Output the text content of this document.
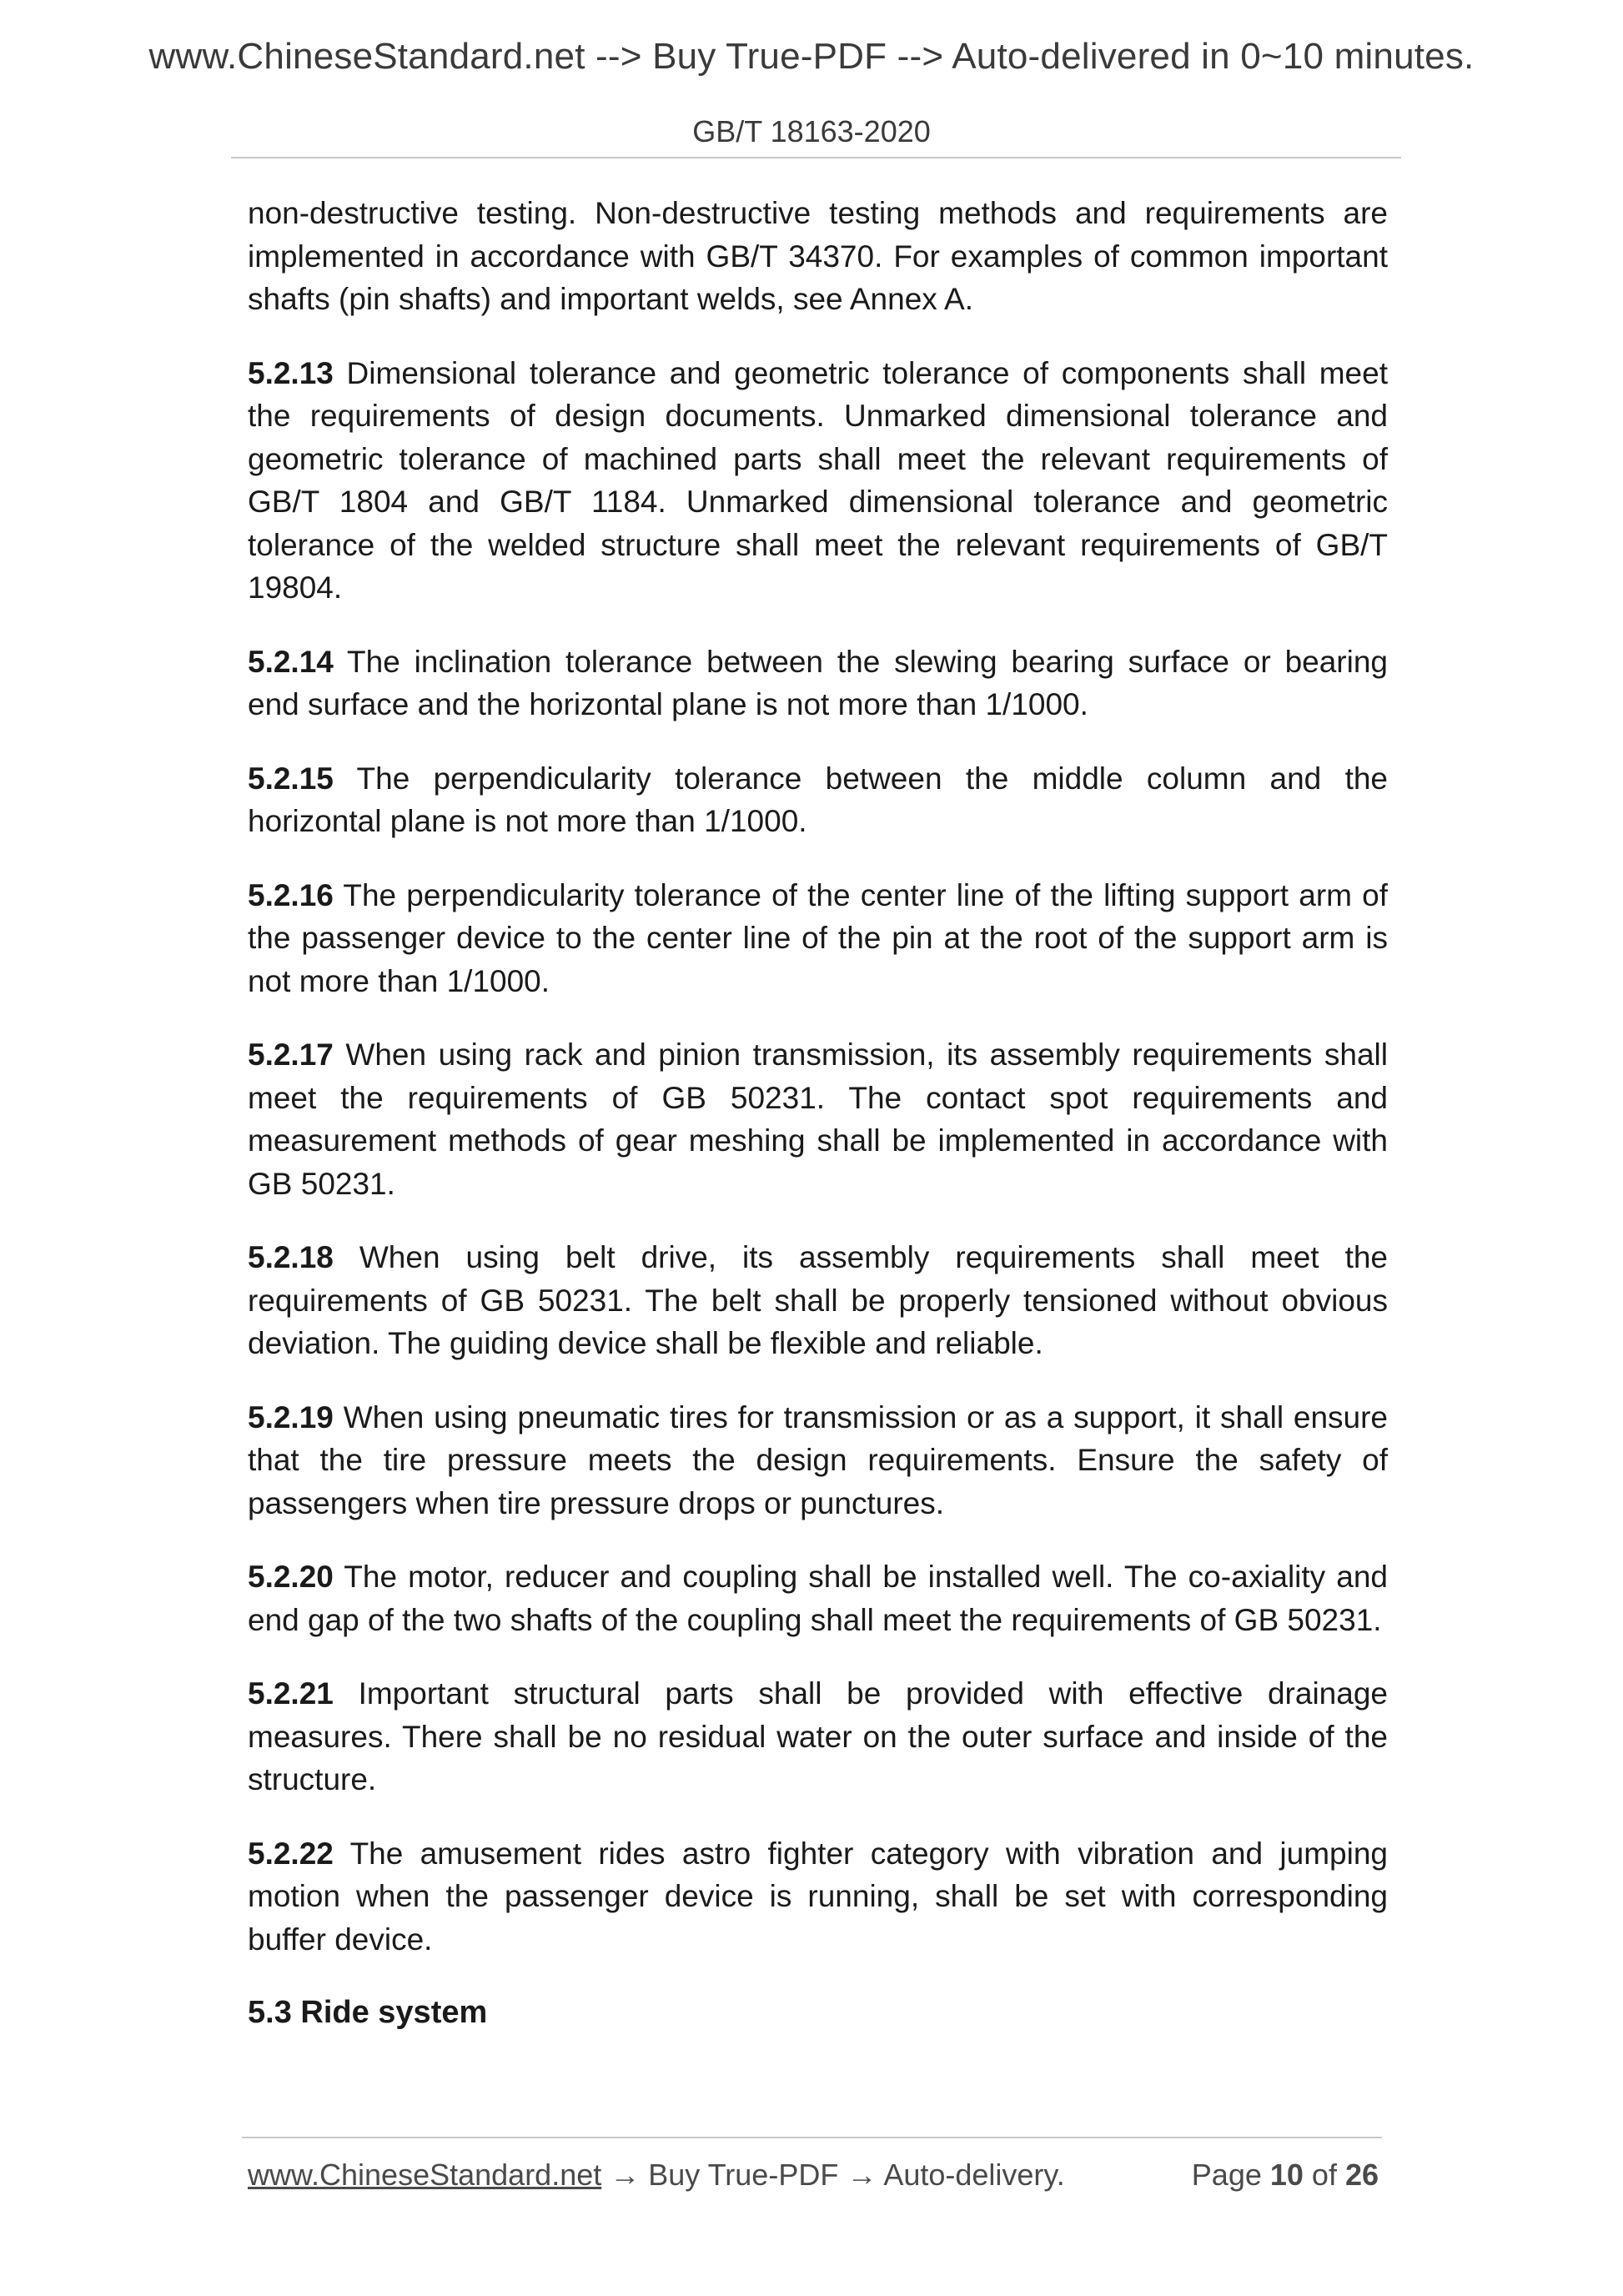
www.ChineseStandard.net --> Buy True-PDF --> Auto-delivered in 0~10 minutes.
GB/T 18163-2020

non-destructive testing. Non-destructive testing methods and requirements are implemented in accordance with GB/T 34370. For examples of common important shafts (pin shafts) and important welds, see Annex A.

5.2.13 Dimensional tolerance and geometric tolerance of components shall meet the requirements of design documents. Unmarked dimensional tolerance and geometric tolerance of machined parts shall meet the relevant requirements of GB/T 1804 and GB/T 1184. Unmarked dimensional tolerance and geometric tolerance of the welded structure shall meet the relevant requirements of GB/T 19804.

5.2.14 The inclination tolerance between the slewing bearing surface or bearing end surface and the horizontal plane is not more than 1/1000.

5.2.15 The perpendicularity tolerance between the middle column and the horizontal plane is not more than 1/1000.

5.2.16 The perpendicularity tolerance of the center line of the lifting support arm of the passenger device to the center line of the pin at the root of the support arm is not more than 1/1000.

5.2.17 When using rack and pinion transmission, its assembly requirements shall meet the requirements of GB 50231. The contact spot requirements and measurement methods of gear meshing shall be implemented in accordance with GB 50231.

5.2.18 When using belt drive, its assembly requirements shall meet the requirements of GB 50231. The belt shall be properly tensioned without obvious deviation. The guiding device shall be flexible and reliable.

5.2.19 When using pneumatic tires for transmission or as a support, it shall ensure that the tire pressure meets the design requirements. Ensure the safety of passengers when tire pressure drops or punctures.

5.2.20 The motor, reducer and coupling shall be installed well. The co-axiality and end gap of the two shafts of the coupling shall meet the requirements of GB 50231.

5.2.21 Important structural parts shall be provided with effective drainage measures. There shall be no residual water on the outer surface and inside of the structure.

5.2.22 The amusement rides astro fighter category with vibration and jumping motion when the passenger device is running, shall be set with corresponding buffer device.

5.3 Ride system

www.ChineseStandard.net → Buy True-PDF → Auto-delivery.	Page 10 of 26
